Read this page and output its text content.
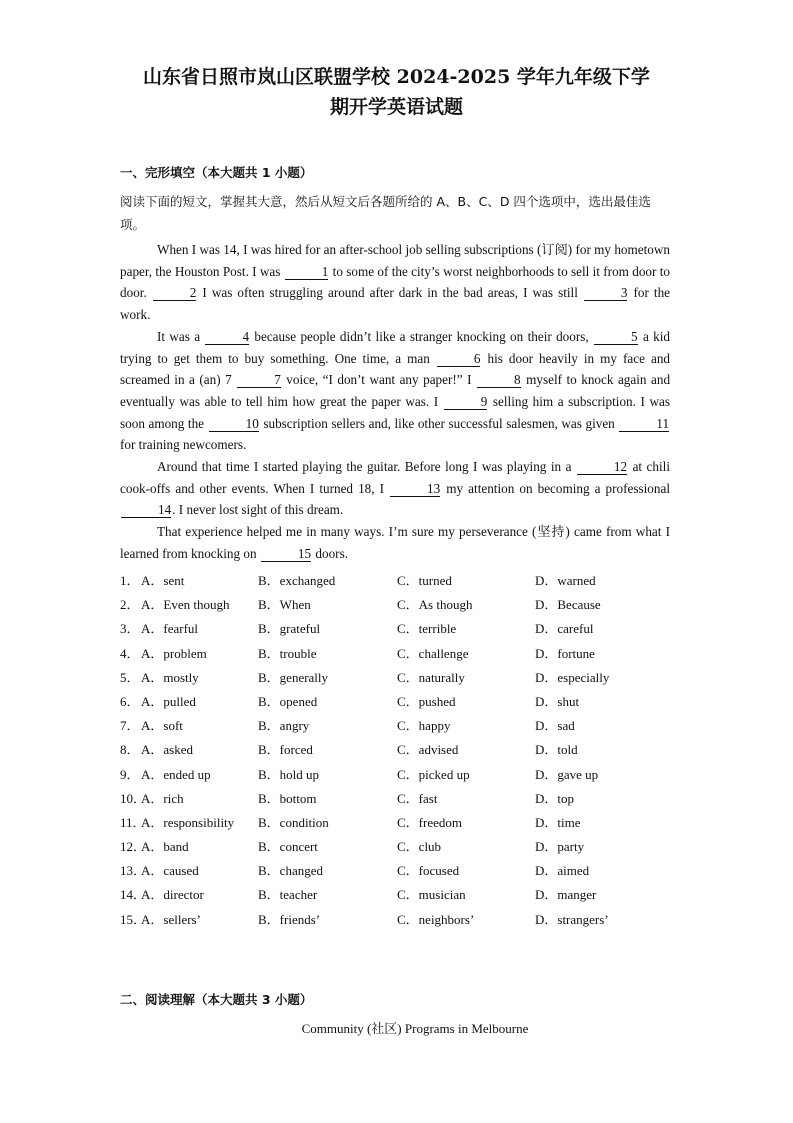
山东省日照市岚山区联盟学校 2024-2025 学年九年级下学
期开学英语试题
一、完形填空（本大题共 1 小题）
阅读下面的短文，掌握其大意，然后从短文后各题所给的 A、B、C、D 四个选项中，选出最佳选项。

When I was 14, I was hired for an after-school job selling subscriptions (订阅) for my hometown paper, the Houston Post. I was	1 to some of the city’s worst neighborhoods to sell it from door to door.	2 I was often struggling around after dark in the bad areas, I was still	3 for the work.

It was a	4 because people didn’t like a stranger knocking on their doors,	5 a kid trying to get them to buy something. One time, a man	6 his door heavily in my face and screamed in a (an) 7	7 voice, “I don’t want any paper!” I	8 myself to knock again and eventually was able to tell him how great the paper was. I	9 selling him a subscription. I was soon among the	10 subscription sellers and, like other successful salesmen, was given	11 for training newcomers.

Around that time I started playing the guitar. Before long I was playing in a	12 at chili cook-offs and other events. When I turned 18, I	13 my attention on becoming a professional 14. I never lost sight of this dream.

That experience helped me in many ways. I’m sure my perseverance (坚持) came from what I learned from knocking on	15 doors.

1． A．sent	B．exchanged	C．turned	D．warned
2． A．Even though B．When	C．As though	D．Because
3． A．fearful	B．grateful	C．terrible	D．careful
4． A．problem	B．trouble	C．challenge	D．fortune
5． A．mostly	B．generally	C．naturally	D．especially
6． A．pulled	B．opened	C．pushed	D．shut
7． A．soft	B．angry	C．happy	D．sad
8． A．asked	B．forced	C．advised	D．told
9． A．ended up	B．hold up	C．picked up	D．gave up
10．
A．rich	B．bottom	C．fast	D．top
11．
A．responsibility B．condition	C．freedom	D．time
12．
A．band	B．concert	C．club	D．party
13．
A．caused	B．changed	C．focused	D．aimed
14．
A．director	B．teacher	C．musician	D．manger
15．
A．sellers’	B．friends’	C．neighbors’	D．strangers’
二、阅读理解（本大题共 3 小题）
Community (社区) Programs in Melbourne
